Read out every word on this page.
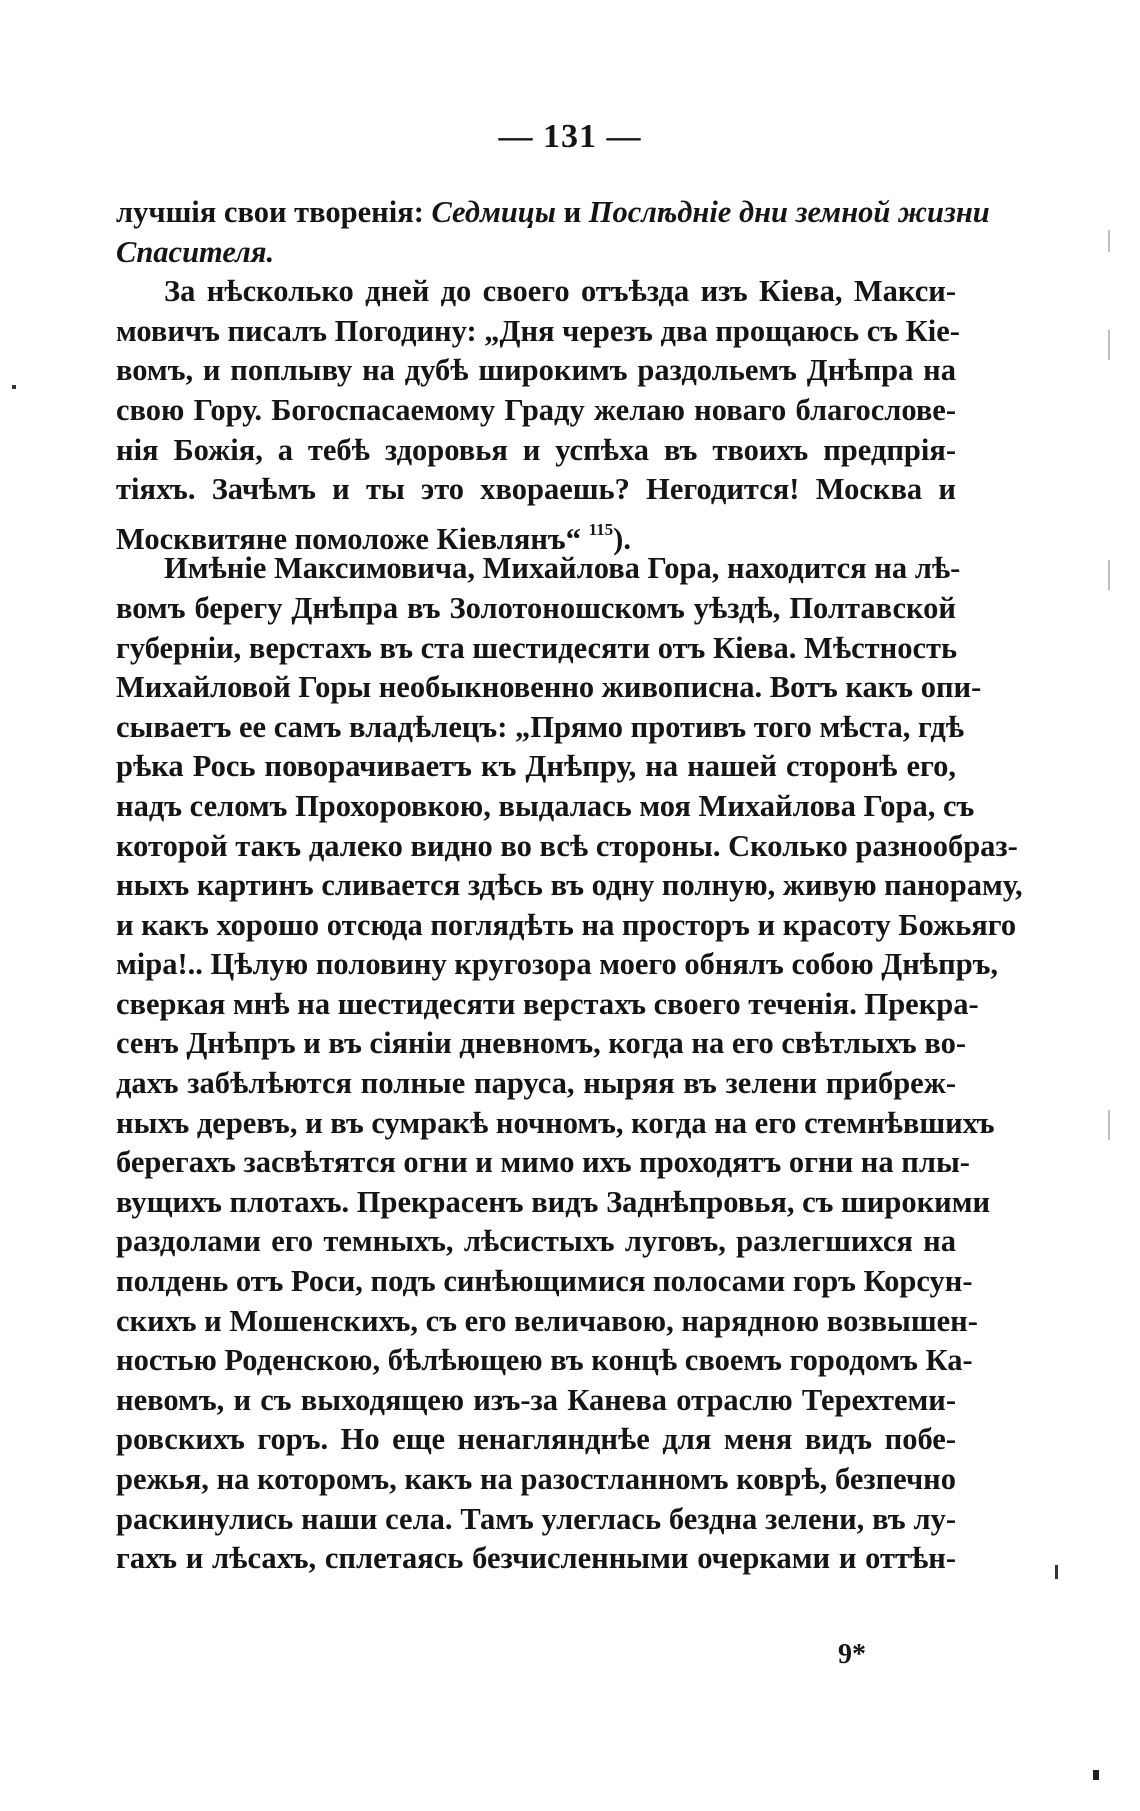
— 131 —
лучшія свои творенія: Седмицы и Послѣдніе дни земной жизни
Спасителя.
За нѣсколько дней до своего отъѣзда изъ Кіева, Макси-
мовичъ писалъ Погодину: „Дня черезъ два прощаюсь съ Кіе-
вомъ, и поплыву на дубѣ широкимъ раздольемъ Днѣпра на
свою Гору. Богоспасаемому Граду желаю новаго благослове-
нія Божія, а тебѣ здоровья и успѣха въ твоихъ предпрія-
тіяхъ. Зачѣмъ и ты это хвораешь? Негодится! Москва и
Москвитяне помоложе Кіевлянъ“ $^{115}$).
Имѣніе Максимовича, Михайлова Гора, находится на лѣ-
вомъ берегу Днѣпра въ Золотоношскомъ уѣздѣ, Полтавской
губерніи, верстахъ въ ста шестидесяти отъ Кіева. Мѣстность
Михайловой Горы необыкновенно живописна. Вотъ какъ опи-
сываетъ ее самъ владѣлецъ: „Прямо противъ того мѣста, гдѣ
рѣка Рось поворачиваетъ къ Днѣпру, на нашей сторонѣ его,
надъ селомъ Прохоровкою, выдалась моя Михайлова Гора, съ
которой такъ далеко видно во всѣ стороны. Сколько разнообраз-
ныхъ картинъ сливается здѣсь въ одну полную, живую панораму,
и какъ хорошо отсюда поглядѣть на просторъ и красоту Божьяго
міра!.. Цѣлую половину кругозора моего обнялъ собою Днѣпръ,
сверкая мнѣ на шестидесяти верстахъ своего теченія. Прекра-
сенъ Днѣпръ и въ сіяніи дневномъ, когда на его свѣтлыхъ во-
дахъ забѣлѣются полные паруса, ныряя въ зелени прибреж-
ныхъ деревъ, и въ сумракѣ ночномъ, когда на его стемнѣвшихъ
берегахъ засвѣтятся огни и мимо ихъ проходятъ огни на плы-
вущихъ плотахъ. Прекрасенъ видъ Заднѣпровья, съ широкими
раздолами его темныхъ, лѣсистыхъ луговъ, разлегшихся на
полдень отъ Роси, подъ синѣющимися полосами горъ Корсун-
скихъ и Мошенскихъ, съ его величавою, нарядною возвышен-
ностью Роденскою, бѣлѣющею въ концѣ своемъ городомъ Ка-
невомъ, и съ выходящею изъ-за Канева отраслю Терехтеми-
ровскихъ горъ. Но еще ненаглянднѣе для меня видъ побе-
режья, на которомъ, какъ на разостланномъ коврѣ, безпечно
раскинулись наши села. Тамъ улеглась бездна зелени, въ лу-
гахъ и лѣсахъ, сплетаясь безчисленными очерками и оттѣн-
9*
